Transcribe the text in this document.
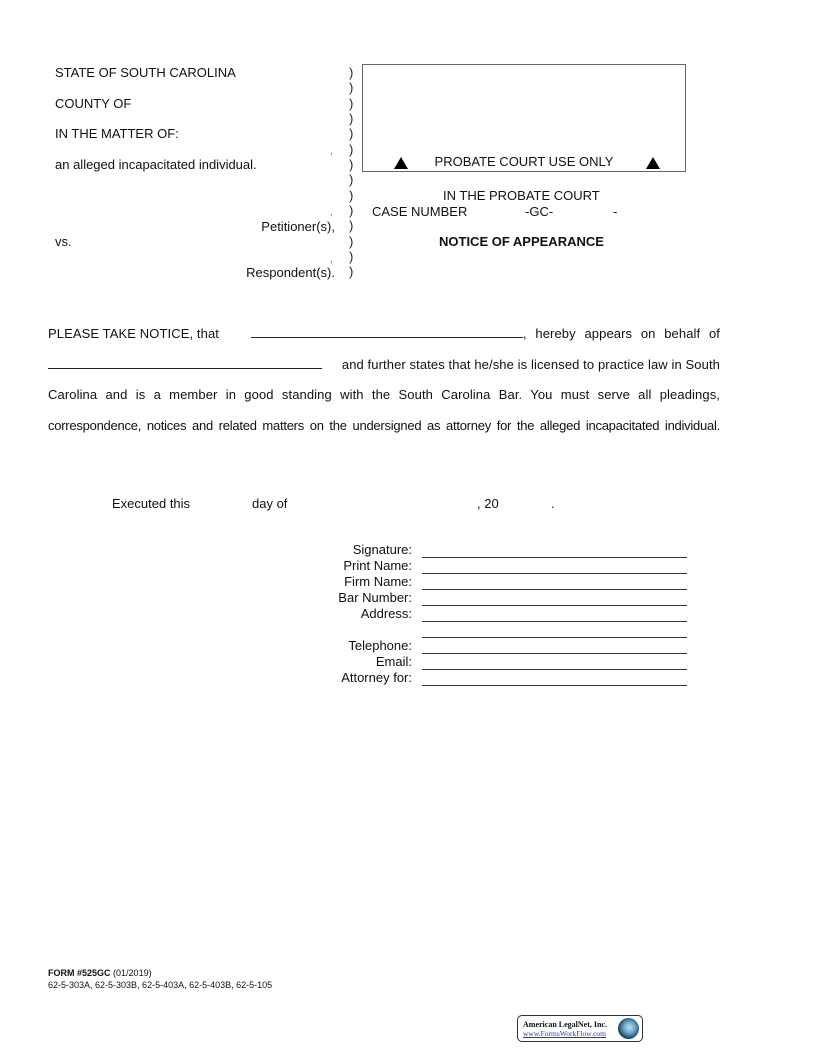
STATE OF SOUTH CAROLINA
COUNTY OF
IN THE MATTER OF:
,
an alleged incapacitated individual.
,
Petitioner(s),
vs.
,
Respondent(s).
)
)
)
)
)
)
)
)
)
)
)
)
)
)
PROBATE COURT USE ONLY
IN THE PROBATE COURT
CASE NUMBER	-GC-	-
NOTICE OF APPEARANCE
PLEASE TAKE NOTICE, that	, hereby appears on behalf of
and further states that he/she is licensed to practice law in South
Carolina and is a member in good standing with the South Carolina Bar. You must serve all pleadings,
correspondence, notices and related matters on the undersigned as attorney for the alleged incapacitated individual.
Executed this	day of	, 20	.
Signature:
Print Name:
Firm Name:
Bar Number:
Address:
Telephone:
Email:
Attorney for:
FORM #525GC (01/2019)
62-5-303A, 62-5-303B, 62-5-403A, 62-5-403B, 62-5-105
American LegalNet, Inc.
www.FormsWorkFlow.com
